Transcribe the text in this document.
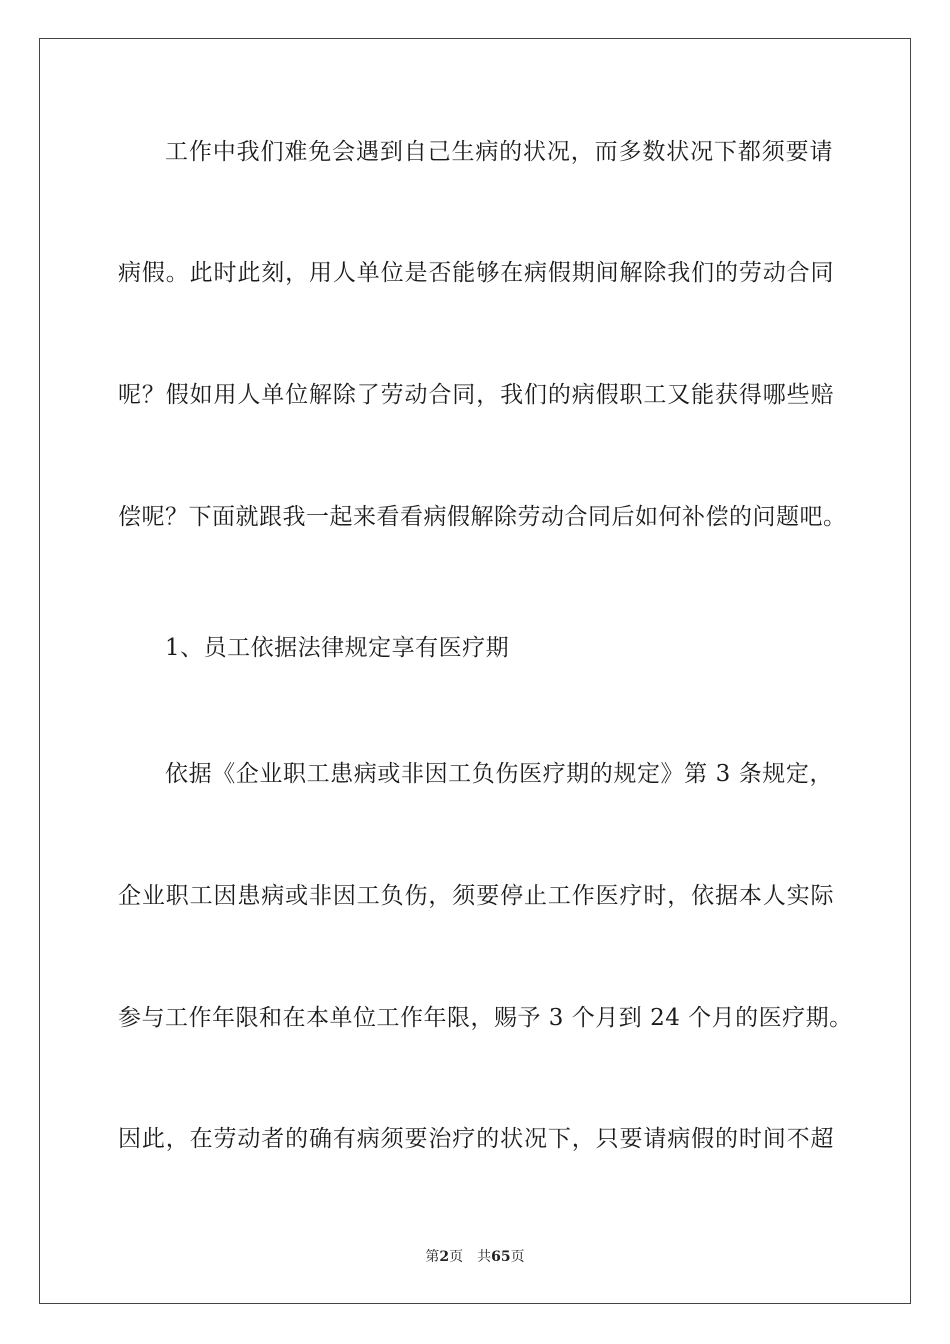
工作中我们难免会遇到自己生病的状况，而多数状况下都须要请
病假。此时此刻，用人单位是否能够在病假期间解除我们的劳动合同
呢？假如用人单位解除了劳动合同，我们的病假职工又能获得哪些赔
偿呢？下面就跟我一起来看看病假解除劳动合同后如何补偿的问题吧。
1、员工依据法律规定享有医疗期
依据《企业职工患病或非因工负伤医疗期的规定》第 3 条规定，
企业职工因患病或非因工负伤，须要停止工作医疗时，依据本人实际
参与工作年限和在本单位工作年限，赐予 3 个月到 24 个月的医疗期。
因此，在劳动者的确有病须要治疗的状况下，只要请病假的时间不超
第2页 共65页
